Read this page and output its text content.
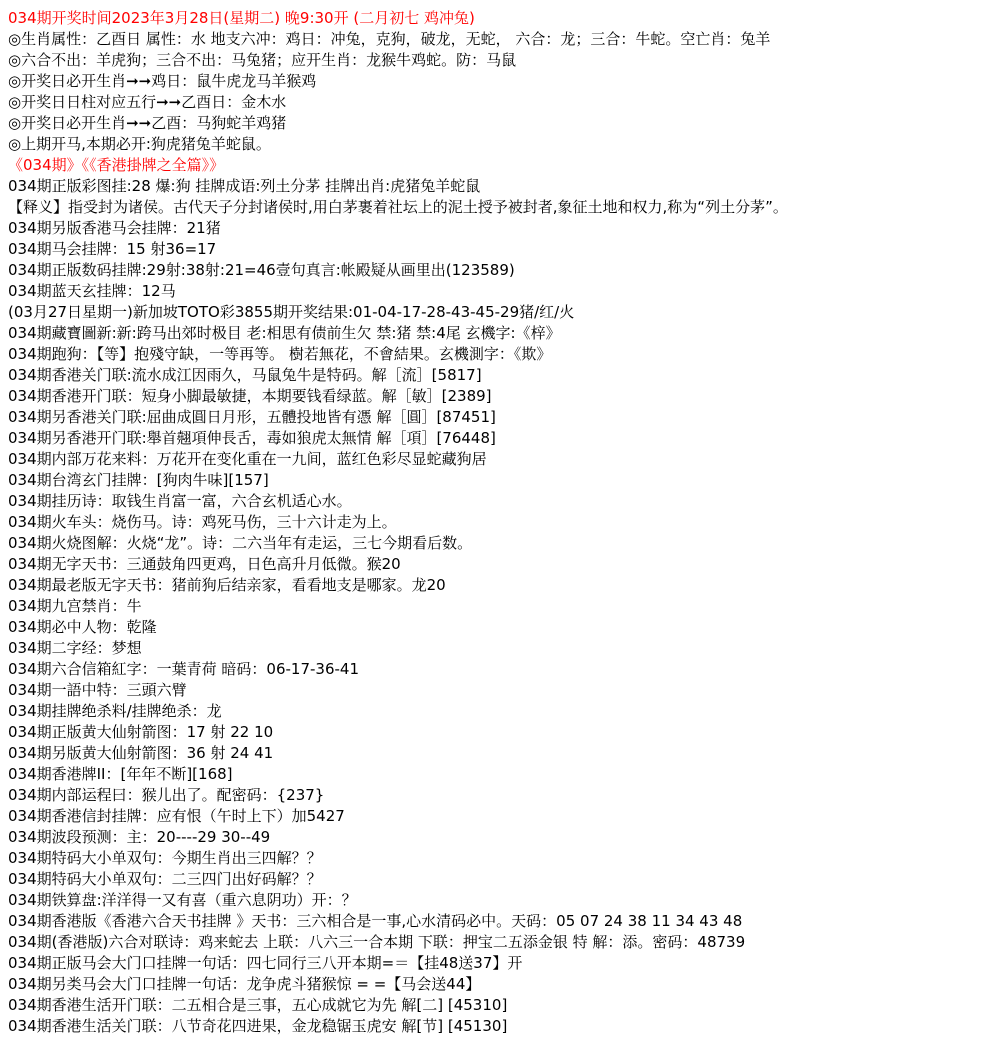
034期开奖时间2023年3月28日(星期二) 晚9:30开 (二月初七 鸡冲兔)
◎生肖属性：乙酉日 属性：水 地支六冲：鸡日：冲兔，克狗，破龙，无蛇， 六合：龙；三合：牛蛇。空亡肖：兔羊
◎六合不出：羊虎狗；三合不出：马兔猪；应开生肖：龙猴牛鸡蛇。防：马鼠
◎开奖日必开生肖➞➞鸡日：鼠牛虎龙马羊猴鸡
◎开奖日日柱对应五行➞➞乙酉日：金木水
◎开奖日必开生肖➞➞乙酉：马狗蛇羊鸡猪
◎上期开马,本期必开:狗虎猪兔羊蛇鼠。
《034期》《《香港掛牌之全篇》》
034期正版彩图挂:28 爆:狗 挂牌成语:列土分茅 挂牌出肖:虎猪兔羊蛇鼠
【释义】指受封为诸侯。古代天子分封诸侯时,用白茅裹着社坛上的泥土授予被封者,象征土地和权力,称为“列土分茅”。
034期另版香港马会挂牌：21猪
034期马会挂牌：15 射36=17
034期正版数码挂牌:29射:38射:21=46壹句真言:帐殿疑从画里出(123589)
034期蓝天玄挂牌：12马
(03月27日星期一)新加坡TOTO彩3855期开奖结果:01-04-17-28-43-45-29猪/红/火
034期藏寶圖新:新:跨马出郊时极目 老:相思有债前生欠 禁:猪 禁:4尾 玄機字:《梓》
034期跑狗：【等】抱殘守缺，一等再等。 樹若無花，不會結果。玄機測字：《欺》
034期香港关门联:流水成江因雨久，马鼠兔牛是特码。解［流］[5817]
034期香港开门联：短身小脚最敏捷，本期要钱看绿蓝。解［敏］[2389]
034期另香港关门联:屈曲成圓日月形，五體投地皆有憑 解［圓］[87451]
034期另香港开门联:舉首翹項伸長舌，毒如狼虎太無情 解［項］[76448]
034期内部万花来料：万花开在变化重在一九间，蓝红色彩尽显蛇藏狗居
034期台湾玄门挂牌：[狗肉牛味][157]
034期挂历诗：取钱生肖富一富，六合玄机适心水。
034期火车头：烧伤马。诗：鸡死马伤，三十六计走为上。
034期火烧图解：火烧“龙”。诗：二六当年有走运，三七今期看后数。
034期无字天书：三通鼓角四更鸡，日色高升月低微。猴20
034期最老版无字天书：猪前狗后结亲家，看看地支是哪家。龙20
034期九宫禁肖：牛
034期必中人物：乾隆
034期二字经：梦想
034期六合信箱紅字：一葉青荷 暗码：06-17-36-41
034期一語中特：三頭六臂
034期挂牌绝杀料/挂牌绝杀：龙
034期正版黄大仙射箭图：17 射 22 10
034期另版黄大仙射箭图：36 射 24 41
034期香港牌II：[年年不断][168]
034期内部运程曰：猴儿出了。配密码：{237}
034期香港信封挂牌：应有恨（午时上下）加5427
034期波段预测：主：20----29 30--49
034期特码大小单双句：今期生肖出三四解？？
034期特码大小单双句：二三四门出好码解？？
034期铁算盘:洋洋得一又有喜（重六息阴功）开：？
034期香港版《香港六合天书挂牌 》天书：三六相合是一事,心水清码必中。天码：05 07 24 38 11 34 43 48
034期(香港版)六合对联诗：鸡来蛇去 上联：八六三一合本期 下联：押宝二五添金银 特 解：添。密码：48739
034期正版马会大门口挂牌一句话：四七同行三八开本期=＝【挂48送37】开
034期另类马会大门口挂牌一句话：龙争虎斗猪猴惊 = =【马会送44】
034期香港生活开门联：二五相合是三事，五心成就它为先 解[二] [45310]
034期香港生活关门联：八节奇花四进果，金龙稳锯玉虎安 解[节] [45130]
